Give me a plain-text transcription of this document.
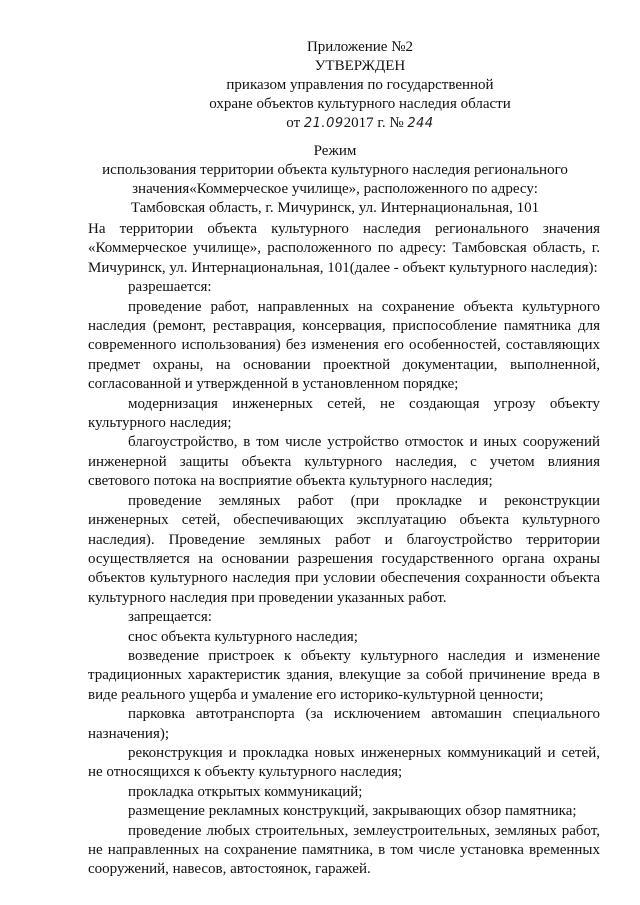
Приложение №2
УТВЕРЖДЕН
приказом управления по государственной
охране объектов культурного наследия области
от 21.092017 г. № 244
Режим
использования территории объекта культурного наследия регионального
значения«Коммерческое училище», расположенного по адресу:
Тамбовская область, г. Мичуринск, ул. Интернациональная, 101

На территории объекта культурного наследия регионального значения «Коммерческое училище», расположенного по адресу: Тамбовская область, г. Мичуринск, ул. Интернациональная, 101(далее - объект культурного наследия):

разрешается:

проведение работ, направленных на сохранение объекта культурного наследия (ремонт, реставрация, консервация, приспособление памятника для современного использования) без изменения его особенностей, составляющих предмет охраны, на основании проектной документации, выполненной, согласованной и утвержденной в установленном порядке;

модернизация инженерных сетей, не создающая угрозу объекту культурного наследия;

благоустройство, в том числе устройство отмосток и иных сооружений инженерной защиты объекта культурного наследия, с учетом влияния светового потока на восприятие объекта культурного наследия;

проведение земляных работ (при прокладке и реконструкции инженерных сетей, обеспечивающих эксплуатацию объекта культурного наследия). Проведение земляных работ и благоустройство территории осуществляется на основании разрешения государственного органа охраны объектов культурного наследия при условии обеспечения сохранности объекта культурного наследия при проведении указанных работ.

запрещается:

снос объекта культурного наследия;

возведение пристроек к объекту культурного наследия и изменение традиционных характеристик здания, влекущие за собой причинение вреда в виде реального ущерба и умаление его историко-культурной ценности;

парковка автотранспорта (за исключением автомашин специального назначения);

реконструкция и прокладка новых инженерных коммуникаций и сетей, не относящихся к объекту культурного наследия;

прокладка открытых коммуникаций;

размещение рекламных конструкций, закрывающих обзор памятника;

проведение любых строительных, землеустроительных, земляных работ, не направленных на сохранение памятника, в том числе установка временных сооружений, навесов, автостоянок, гаражей.
